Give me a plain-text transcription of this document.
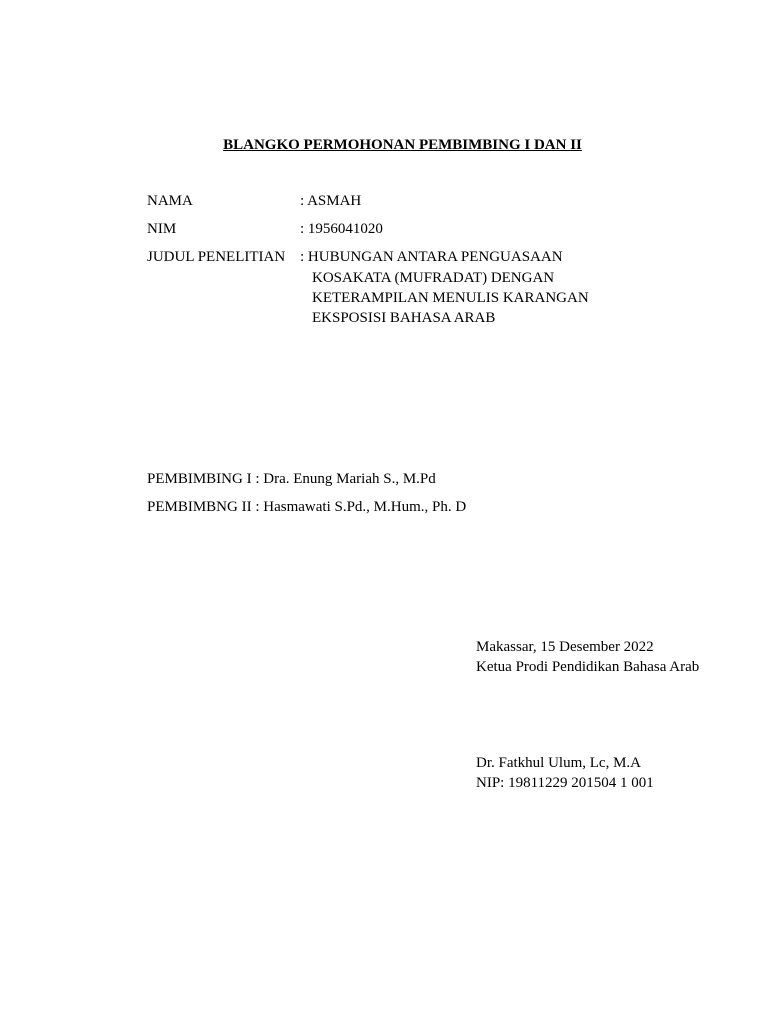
BLANGKO PERMOHONAN PEMBIMBING I DAN II
NAMA	: ASMAH
NIM	: 1956041020
JUDUL PENELITIAN : HUBUNGAN ANTARA PENGUASAAN
KOSAKATA (MUFRADAT) DENGAN
KETERAMPILAN MENULIS KARANGAN
EKSPOSISI BAHASA ARAB
PEMBIMBING I : Dra. Enung Mariah S., M.Pd
PEMBIMBNG II : Hasmawati S.Pd., M.Hum., Ph. D
Makassar, 15 Desember 2022
Ketua Prodi Pendidikan Bahasa Arab
Dr. Fatkhul Ulum, Lc, M.A
NIP: 19811229 201504 1 001
